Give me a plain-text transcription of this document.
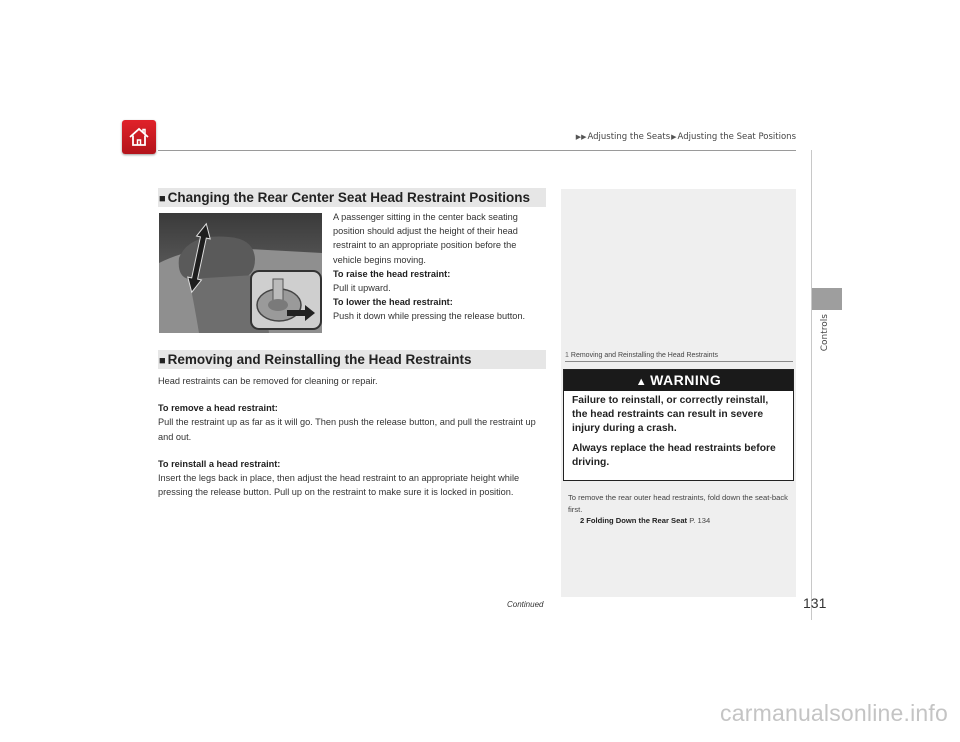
▶▶Adjusting the Seats▶Adjusting the Seat Positions
Controls
■ Changing the Rear Center Seat Head Restraint Positions
A passenger sitting in the center back seating position should adjust the height of their head restraint to an appropriate position before the vehicle begins moving.
To raise the head restraint:
Pull it upward.
To lower the head restraint:
Push it down while pressing the release button.
■ Removing and Reinstalling the Head Restraints

Head restraints can be removed for cleaning or repair.

To remove a head restraint:
Pull the restraint up as far as it will go. Then push the release button, and pull the restraint up and out.

To reinstall a head restraint:
Insert the legs back in place, then adjust the head restraint to an appropriate height while pressing the release button. Pull up on the restraint to make sure it is locked in position.

1 Removing and Reinstalling the Head Restraints
▲ WARNING

Failure to reinstall, or correctly reinstall, the head restraints can result in severe injury during a crash.

Always replace the head restraints before driving.

To remove the rear outer head restraints, fold down the seat-back first.
2 Folding Down the Rear Seat P. 134
Continued	131
carmanualsonline.info
